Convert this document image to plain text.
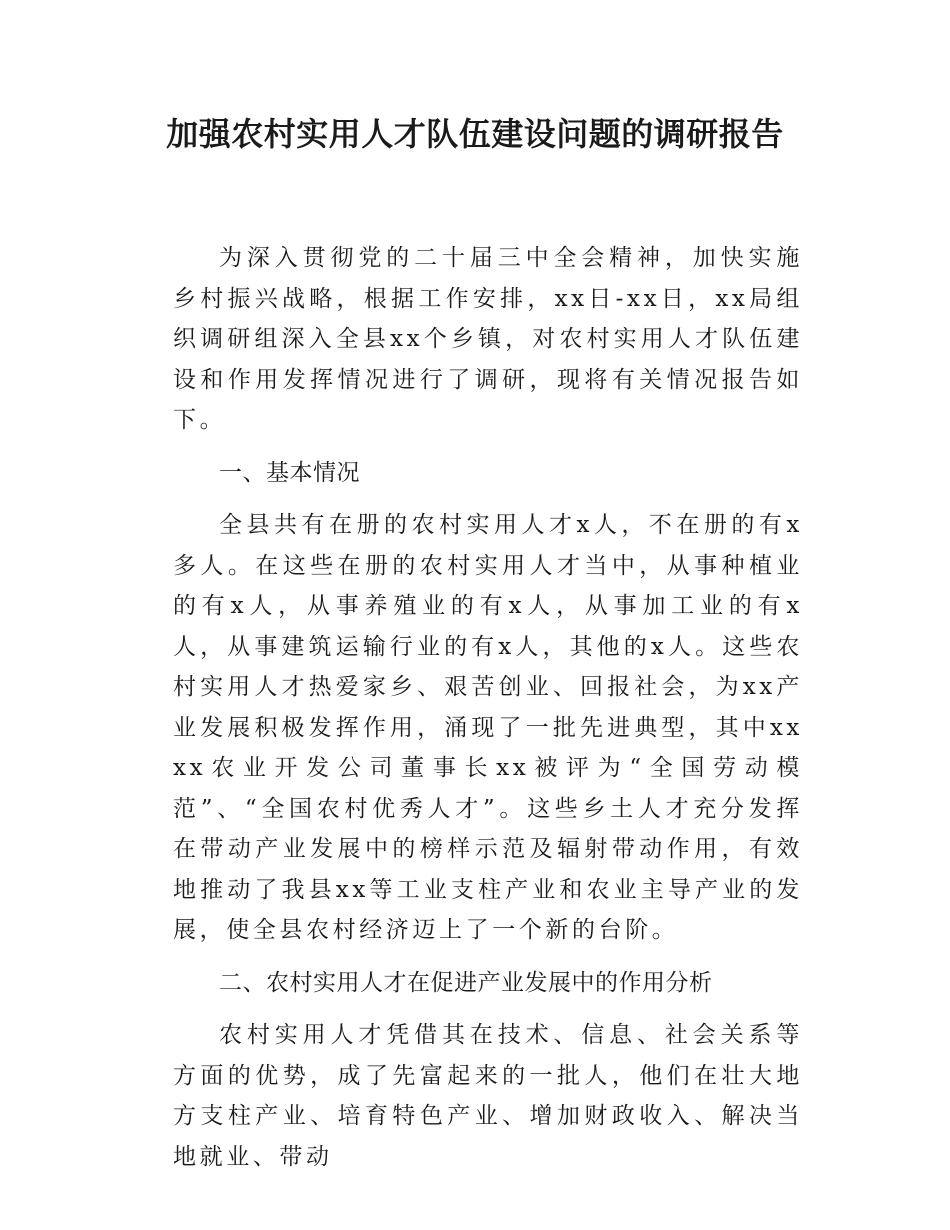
加强农村实用人才队伍建设问题的调研报告

为深入贯彻党的二十届三中全会精神，加快实施乡村振兴战略，根据工作安排，xx日-xx日，xx局组织调研组深入全县xx个乡镇，对农村实用人才队伍建设和作用发挥情况进行了调研，现将有关情况报告如下。

一、基本情况

全县共有在册的农村实用人才x人，不在册的有x多人。在这些在册的农村实用人才当中，从事种植业的有x人，从事养殖业的有x人，从事加工业的有x人，从事建筑运输行业的有x人，其他的x人。这些农村实用人才热爱家乡、艰苦创业、回报社会，为xx产业发展积极发挥作用，涌现了一批先进典型，其中xxxx农业开发公司董事长xx被评为“全国劳动模范”、“全国农村优秀人才”。这些乡土人才充分发挥在带动产业发展中的榜样示范及辐射带动作用，有效地推动了我县xx等工业支柱产业和农业主导产业的发展，使全县农村经济迈上了一个新的台阶。

二、农村实用人才在促进产业发展中的作用分析

农村实用人才凭借其在技术、信息、社会关系等方面的优势，成了先富起来的一批人，他们在壮大地方支柱产业、培育特色产业、增加财政收入、解决当地就业、带动
